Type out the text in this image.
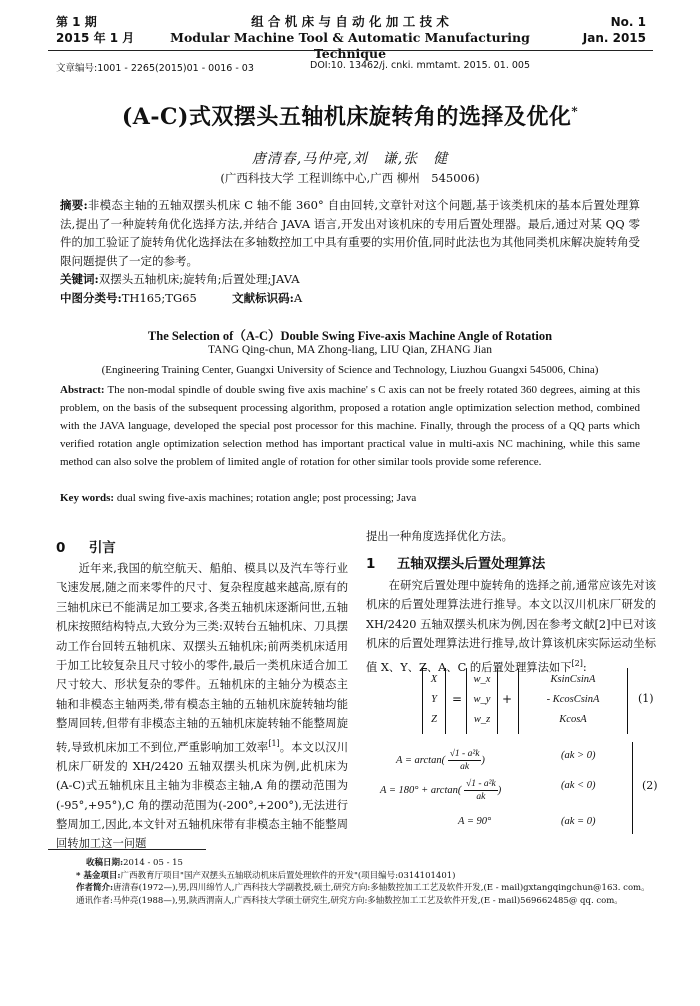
第 1 期
2015 年 1 月
组 合 机 床 与 自 动 化 加 工 技 术
Modular Machine Tool & Automatic Manufacturing Technique
No. 1
Jan. 2015
文章编号:1001 - 2265(2015)01 - 0016 - 03	DOI:10. 13462/j. cnki. mmtamt. 2015. 01. 005
(A-C)式双摆头五轴机床旋转角的选择及优化*
唐清春,马仲亮,刘　谦,张　健
(广西科技大学 工程训练中心,广西 柳州　545006)
摘要:非模态主轴的五轴双摆头机床 C 轴不能 360° 自由回转,文章针对这个问题,基于该类机床的基本后置处理算法,提出了一种旋转角优化选择方法,并结合 JAVA 语言,开发出对该机床的专用后置处理器。最后,通过对某 QQ 零件的加工验证了旋转角优化选择法在多轴数控加工中具有重要的实用价值,同时此法也为其他同类机床解决旋转角受限问题提供了一定的参考。
关键词:双摆头五轴机床;旋转角;后置处理;JAVA
中图分类号:TH165;TG65	文献标识码:A
The Selection of（A-C）Double Swing Five-axis Machine Angle of Rotation
TANG Qing-chun, MA Zhong-liang, LIU Qian, ZHANG Jian
(Engineering Training Center, Guangxi University of Science and Technology, Liuzhou Guangxi 545006, China)
Abstract: The non-modal spindle of double swing five axis machine' s C axis can not be freely rotated 360 degrees, aiming at this problem, on the basis of the subsequent processing algorithm, proposed a rotation angle optimization selection method, combined with the JAVA language, developed the special post processor for this machine. Finally, through the process of a QQ parts which verified rotation angle optimization selection method has important practical value in multi-axis NC machining, while this same method can also solve the problem of limited angle of rotation for other similar tools provide some reference.
Key words: dual swing five-axis machines; rotation angle; post processing; Java
0 引言
近年来,我国的航空航天、船舶、模具以及汽车等行业飞速发展,随之而来零件的尺寸、复杂程度越来越高,原有的三轴机床已不能满足加工要求,各类五轴机床逐渐问世,五轴机床按照结构特点,大致分为三类:双转台五轴机床、刀具摆动工作台回转五轴机床、双摆头五轴机床;前两类机床适用于加工比较复杂且尺寸较小的零件,最后一类机床适合加工尺寸较大、形状复杂的零件。五轴机床的主轴分为模态主轴和非模态主轴两类,带有模态主轴的五轴机床旋转轴均能整周回转,但带有非模态主轴的五轴机床旋转轴不能整周旋转,导致机床加工不到位,严重影响加工效率[1]。本文以汉川机床厂研发的 XH/2420 五轴双摆头机床为例,此机床为(A-C)式五轴机床且主轴为非模态主轴,A 角的摆动范围为(-95°,+95°),C 角的摆动范围为(-200°,+200°),无法进行整周加工,因此,本文针对五轴机床带有非模态主轴不能整周回转加工这一问题
提出一种角度选择优化方法。
1 五轴双摆头后置处理算法
在研究后置处理中旋转角的选择之前,通常应该先对该机床的后置处理算法进行推导。本文以汉川机床厂研发的 XH/2420 五轴双摆头机床为例,因在参考文献[2]中已对该机床的后置处理算法进行推导,故计算该机床实际运动坐标值 X、Y、Z、A、C 的后置处理算法如下[2]:
X
Y
Z
=
w_x
w_y
w_z
+
KsinCsinA
- KcosCsinA
KcosA
(1)
$A = \arctan( \frac{\text{√1 - a²k}}{ak}$ )	(ak > 0)
$A = 180^\circ + \arctan( \frac{\text{√1 - a²k}}{ak}$ )	(ak < 0)
A = 90°	(ak = 0)
(2)
收稿日期:2014 - 05 - 15
* 基金项目:广西教育厅项目"国产双摆头五轴联动机床后置处理软件的开发"(项目编号:0314101401)
作者简介:唐清春(1972—),男,四川绵竹人,广西科技大学副教授,硕士,研究方向:多轴数控加工工艺及软件开发,(E - mail)gxtangqingchun@163. com。通讯作者:马仲亮(1988—),男,陕西渭南人,广西科技大学硕士研究生,研究方向:多轴数控加工工艺及软件开发,(E - mail)569662485@ qq. com。
